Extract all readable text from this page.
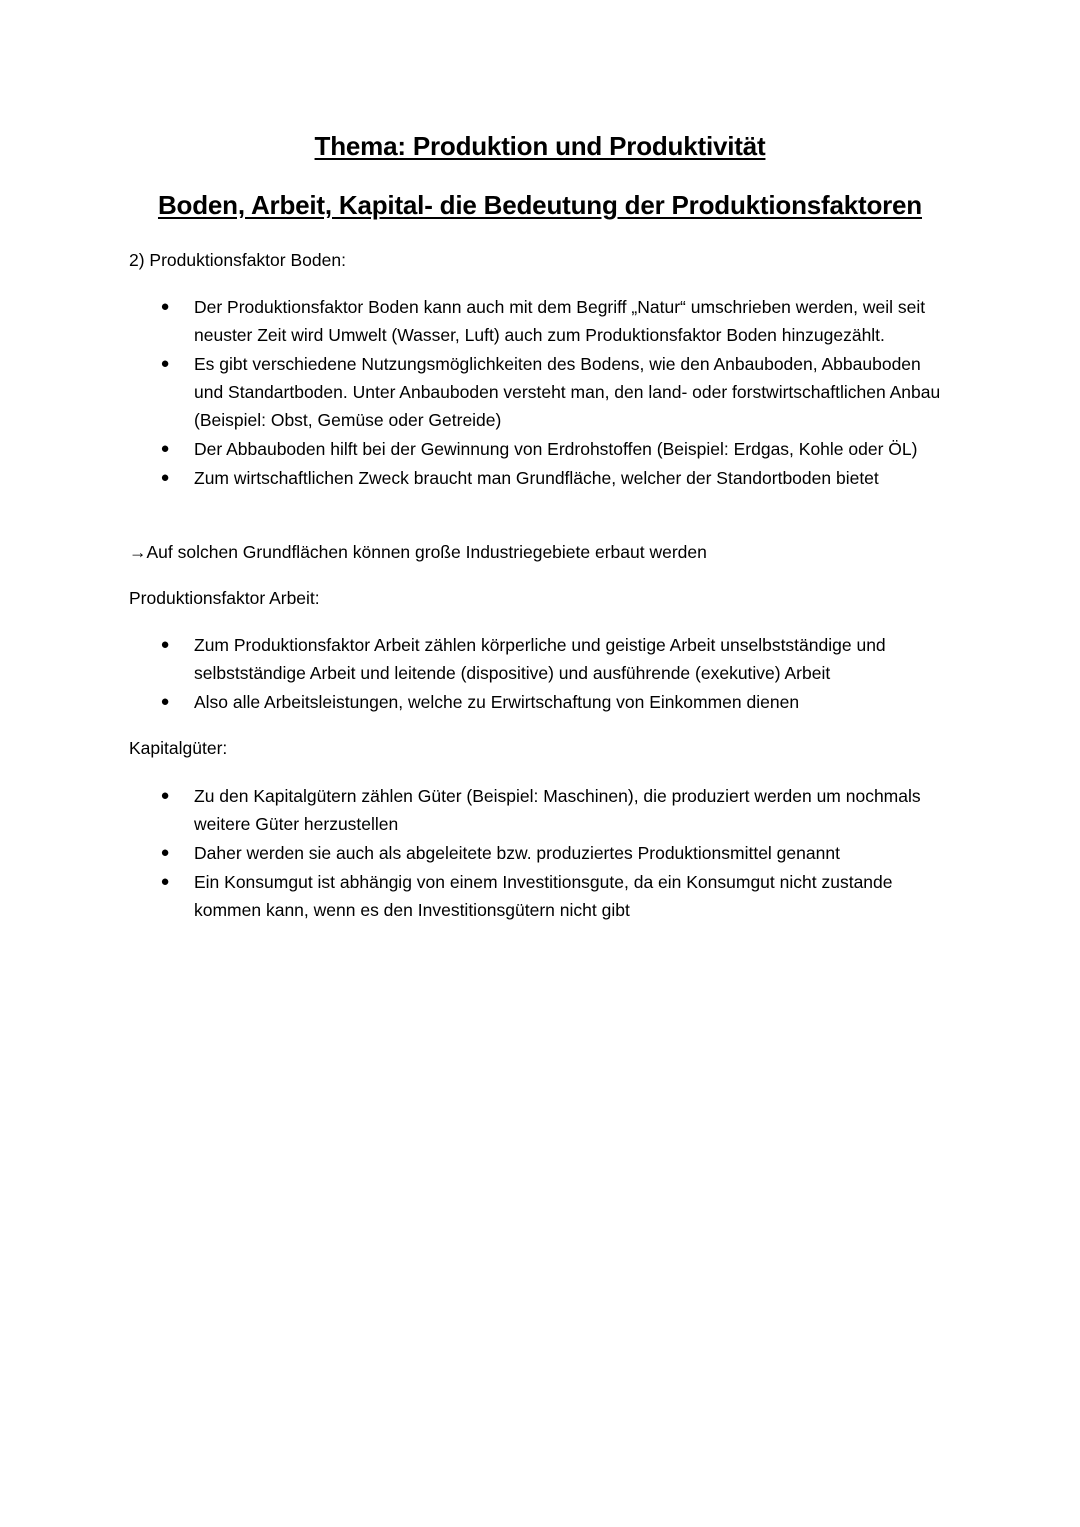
Thema: Produktion und Produktivität
Boden, Arbeit, Kapital- die Bedeutung der Produktionsfaktoren

2) Produktionsfaktor Boden:

● Der Produktionsfaktor Boden kann auch mit dem Begriff „Natur“ umschrieben werden, weil seit neuster Zeit wird Umwelt (Wasser, Luft) auch zum Produktionsfaktor Boden hinzugezählt.
● Es gibt verschiedene Nutzungsmöglichkeiten des Bodens, wie den Anbauboden, Abbauboden und Standartboden. Unter Anbauboden versteht man, den land- oder forstwirtschaftlichen Anbau (Beispiel: Obst, Gemüse oder Getreide)
● Der Abbauboden hilft bei der Gewinnung von Erdrohstoffen (Beispiel: Erdgas, Kohle oder ÖL)
● Zum wirtschaftlichen Zweck braucht man Grundfläche, welcher der Standortboden bietet

→Auf solchen Grundflächen können große Industriegebiete erbaut werden

Produktionsfaktor Arbeit:

● Zum Produktionsfaktor Arbeit zählen körperliche und geistige Arbeit unselbstständige und selbstständige Arbeit und leitende (dispositive) und ausführende (exekutive) Arbeit
● Also alle Arbeitsleistungen, welche zu Erwirtschaftung von Einkommen dienen

Kapitalgüter:

● Zu den Kapitalgütern zählen Güter (Beispiel: Maschinen), die produziert werden um nochmals weitere Güter herzustellen
● Daher werden sie auch als abgeleitete bzw. produziertes Produktionsmittel genannt
● Ein Konsumgut ist abhängig von einem Investitionsgute, da ein Konsumgut nicht zustande kommen kann, wenn es den Investitionsgütern nicht gibt
